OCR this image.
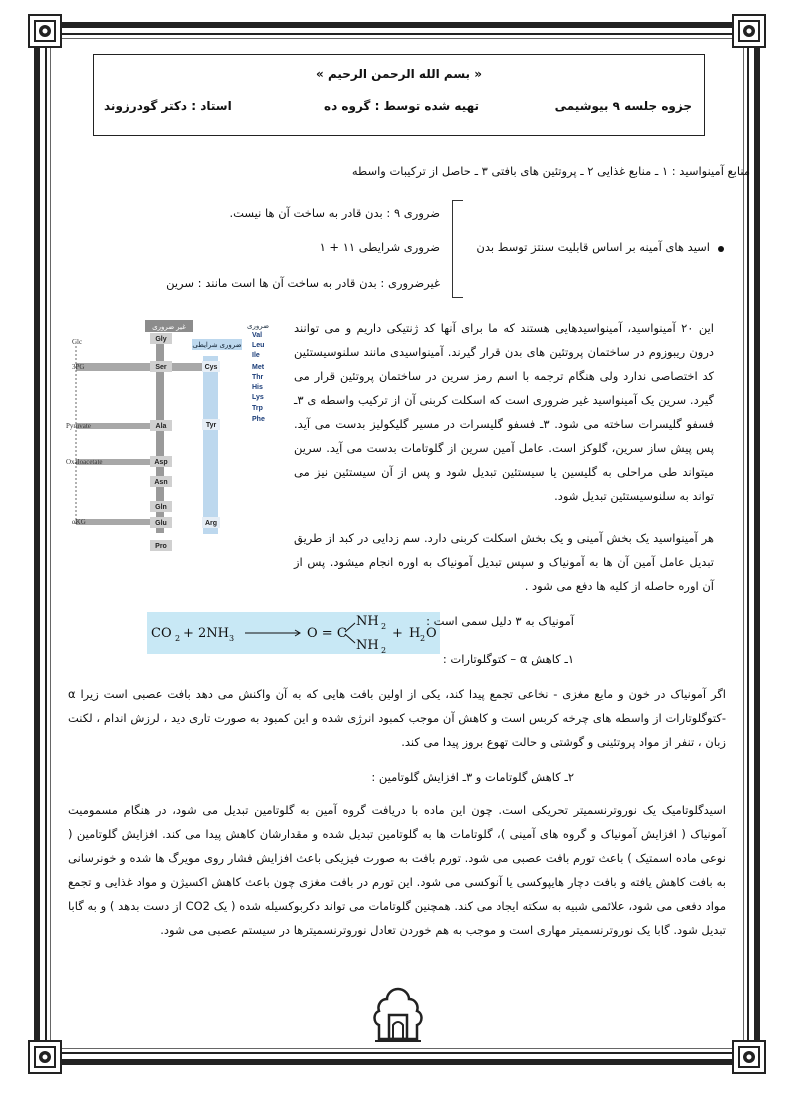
« بسم الله الرحمن الرحيم »
جزوه جلسه ۹ بیوشیمی
تهیه شده توسط : گروه ده
استاد : دکتر گودرزوند
منابع آمینواسید : ۱ ـ منابع غذایی ۲ ـ پروتئین های بافتی ۳ ـ حاصل از ترکیبات واسطه
اسید های آمینه بر اساس قابلیت سنتز توسط بدن
ضروری ۹ : بدن قادر به ساخت آن ها نیست.
ضروری شرایطی ۱۱ + ۱
غیرضروری : بدن قادر به ساخت آن ها است مانند : سرین
غیر ضروری
ضروری شرایطی
ضروری
Val
Leu
Ile
Met
Thr
His
Lys
Trp
Phe
Gly
Ser	Cys
Tyr
Ala
Asp
Asn
Gln
Glu	Arg
Pro
Glc
3PG
Pyruvate
Oxaloacetate
αKG
این ۲۰ آمینواسید، آمینواسیدهایی هستند که ما برای آنها کد ژنتیکی داریم و می توانند درون ریبوزوم در ساختمان پروتئین های بدن قرار گیرند. آمینواسیدی مانند سلنوسیستئین کد اختصاصی ندارد ولی هنگام ترجمه با اسم رمز سرین در ساختمان پروتئین قرار می گیرد. سرین یک آمینواسید غیر ضروری است که اسکلت کربنی آن از ترکیب واسطه ی ۳ـ فسفو گلیسرات ساخته می شود. ۳ـ فسفو گلیسرات در مسیر گلیکولیز بدست می آید. پس پیش ساز سرین، گلوکز است. عامل آمین سرین از گلوتامات بدست می آید. سرین میتواند طی مراحلی به گلیسین یا سیستئین تبدیل شود و پس از آن سیستئین نیز می تواند به سلنوسیستئین تبدیل شود.
هر آمینواسید یک بخش آمینی و یک بخش اسکلت کربنی دارد. سم زدایی در کبد از طریق تبدیل عامل آمین آن ها به آمونیاک و سپس تبدیل آمونیاک به اوره انجام میشود. پس از آن اوره حاصله از کلیه ها دفع می شود .
CO 2 + 2NH 3	O = C
NH 2
NH 2
+ H 2 O
آمونیاک به ۳ دلیل سمی است :
۱ـ کاهش α – کتوگلوتارات :
اگر آمونیاک در خون و مایع مغزی - نخاعی تجمع پیدا کند، یکی از اولین بافت هایی که به آن واکنش می دهد بافت عصبی است زیرا α -کتوگلوتارات از واسطه های چرخه کربس است و کاهش آن موجب کمبود انرژی شده و این کمبود به صورت تاری دید ، لرزش اندام ، لکنت زبان ، تنفر از مواد پروتئینی و گوشتی و حالت تهوع بروز پیدا می کند.
۲ـ کاهش گلوتامات و ۳ـ افزایش گلوتامین :
اسیدگلوتامیک یک نوروترنسمیتر تحریکی است. چون این ماده با دریافت گروه آمین به گلوتامین تبدیل می شود، در هنگام مسمومیت آمونیاک ( افزایش آمونیاک و گروه های آمینی )، گلوتامات ها به گلوتامین تبدیل شده و مقدارشان کاهش پیدا می کند. افزایش گلوتامین ( نوعی ماده اسمتیک ) باعث تورم بافت عصبی می شود. تورم بافت به صورت فیزیکی باعث افزایش فشار روی مویرگ ها شده و خونرسانی به بافت کاهش یافته و بافت دچار هایپوکسی یا آنوکسی می شود. این تورم در بافت مغزی چون باعث کاهش اکسیژن و مواد غذایی و تجمع مواد دفعی می شود، علائمی شبیه به سکته ایجاد می کند. همچنین گلوتامات می تواند دکربوکسیله شده ( یک CO2 از دست بدهد ) و به گابا تبدیل شود. گابا یک نوروترنسمیتر مهاری است و موجب به هم خوردن تعادل نوروترنسمیترها در سیستم عصبی می شود.
